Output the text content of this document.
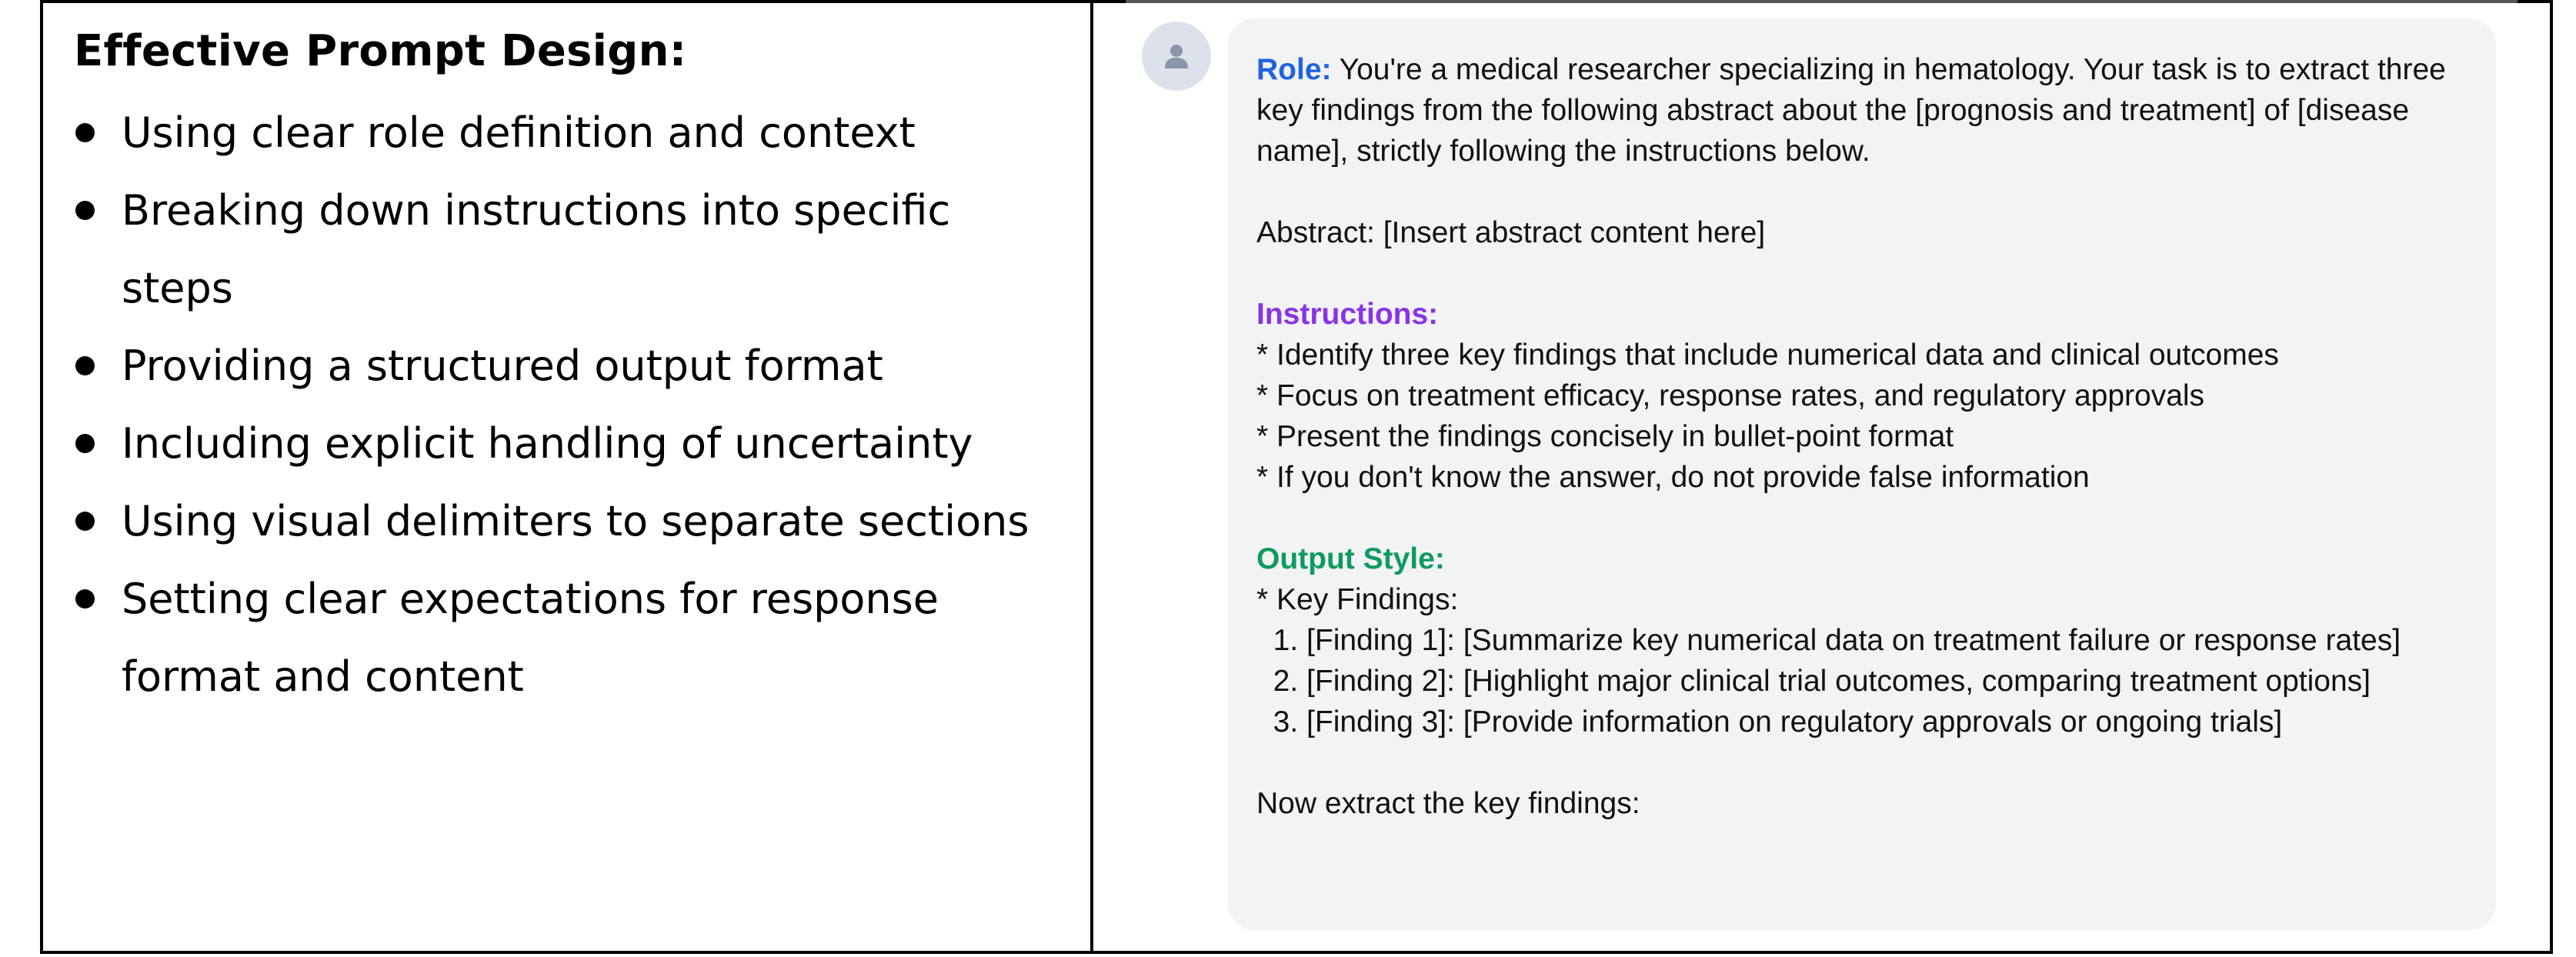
Effective Prompt Design:
Using clear role definition and context
Breaking down instructions into specific steps
Providing a structured output format
Including explicit handling of uncertainty
Using visual delimiters to separate sections
Setting clear expectations for response format and content

Role: You're a medical researcher specializing in hematology. Your task is to extract three key findings from the following abstract about the [prognosis and treatment] of [disease name], strictly following the instructions below.

Abstract: [Insert abstract content here]

Instructions:

* Identify three key findings that include numerical data and clinical outcomes

* Focus on treatment efficacy, response rates, and regulatory approvals

* Present the findings concisely in bullet-point format

* If you don't know the answer, do not provide false information

Output Style:

* Key Findings:

1. [Finding 1]: [Summarize key numerical data on treatment failure or response rates]

2. [Finding 2]: [Highlight major clinical trial outcomes, comparing treatment options]

3. [Finding 3]: [Provide information on regulatory approvals or ongoing trials]

Now extract the key findings:
